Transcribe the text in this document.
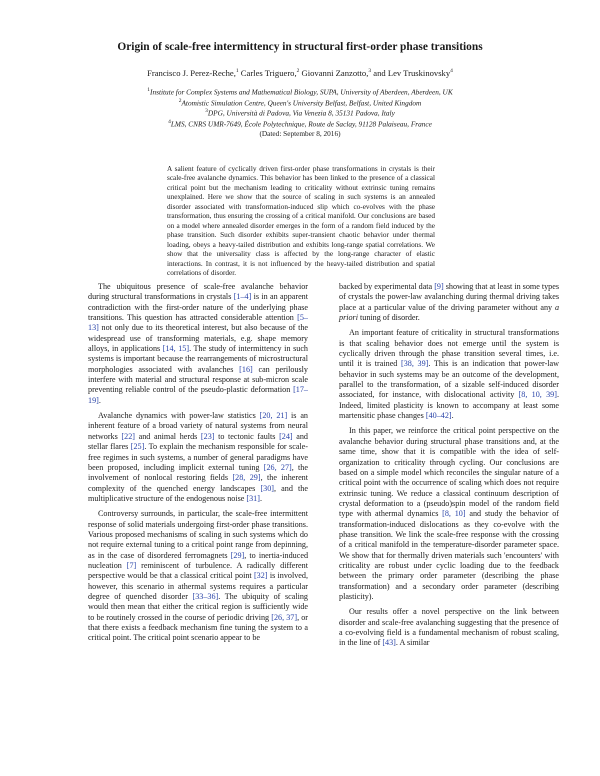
Origin of scale-free intermittency in structural first-order phase transitions
Francisco J. Perez-Reche,$^1$ Carles Triguero,$^2$ Giovanni Zanzotto,$^3$ and Lev Truskinovsky$^4$
$^1$Institute for Complex Systems and Mathematical Biology, SUPA, University of Aberdeen, Aberdeen, UK
$^2$Atomistic Simulation Centre, Queen's University Belfast, Belfast, United Kingdom
$^3$DPG, Università di Padova, Via Venezia 8, 35131 Padova, Italy
$^4$LMS, CNRS UMR-7649, École Polytechnique, Route de Saclay, 91128 Palaiseau, France
(Dated: September 8, 2016)
A salient feature of cyclically driven first-order phase transformations in crystals is their scale-free avalanche dynamics. This behavior has been linked to the presence of a classical critical point but the mechanism leading to criticality without extrinsic tuning remains unexplained. Here we show that the source of scaling in such systems is an annealed disorder associated with transformation-induced slip which co-evolves with the phase transformation, thus ensuring the crossing of a critical manifold. Our conclusions are based on a model where annealed disorder emerges in the form of a random field induced by the phase transition. Such disorder exhibits super-transient chaotic behavior under thermal loading, obeys a heavy-tailed distribution and exhibits long-range spatial correlations. We show that the universality class is affected by the long-range character of elastic interactions. In contrast, it is not influenced by the heavy-tailed distribution and spatial correlations of disorder.

The ubiquitous presence of scale-free avalanche behavior during structural transformations in crystals [1–4] is in an apparent contradiction with the first-order nature of the underlying phase transitions. This question has attracted considerable attention [5–13] not only due to its theoretical interest, but also because of the widespread use of transforming materials, e.g. shape memory alloys, in applications [14, 15]. The study of intermittency in such systems is important because the rearrangements of microstructural morphologies associated with avalanches [16] can perilously interfere with material and structural response at sub-micron scale preventing reliable control of the pseudo-plastic deformation [17–19].

Avalanche dynamics with power-law statistics [20, 21] is an inherent feature of a broad variety of natural systems from neural networks [22] and animal herds [23] to tectonic faults [24] and stellar flares [25]. To explain the mechanism responsible for scale-free regimes in such systems, a number of general paradigms have been proposed, including implicit external tuning [26, 27], the involvement of nonlocal restoring fields [28, 29], the inherent complexity of the quenched energy landscapes [30], and the multiplicative structure of the endogenous noise [31].

Controversy surrounds, in particular, the scale-free intermittent response of solid materials undergoing first-order phase transitions. Various proposed mechanisms of scaling in such systems which do not require external tuning to a critical point range from depinning, as in the case of disordered ferromagnets [29], to inertia-induced nucleation [7] reminiscent of turbulence. A radically different perspective would be that a classical critical point [32] is involved, however, this scenario in athermal systems requires a particular degree of quenched disorder [33–36]. The ubiquity of scaling would then mean that either the critical region is sufficiently wide to be routinely crossed in the course of periodic driving [26, 37], or that there exists a feedback mechanism fine tuning the system to a critical point. The critical point scenario appear to be

backed by experimental data [9] showing that at least in some types of crystals the power-law avalanching during thermal driving takes place at a particular value of the driving parameter without any a priori tuning of disorder.

An important feature of criticality in structural transformations is that scaling behavior does not emerge until the system is cyclically driven through the phase transition several times, i.e. until it is trained [38, 39]. This is an indication that power-law behavior in such systems may be an outcome of the development, parallel to the transformation, of a sizable self-induced disorder associated, for instance, with dislocational activity [8, 10, 39]. Indeed, limited plasticity is known to accompany at least some martensitic phase changes [40–42].

In this paper, we reinforce the critical point perspective on the avalanche behavior during structural phase transitions and, at the same time, show that it is compatible with the idea of self-organization to criticality through cycling. Our conclusions are based on a simple model which reconciles the singular nature of a critical point with the occurrence of scaling which does not require extrinsic tuning. We reduce a classical continuum description of crystal deformation to a (pseudo)spin model of the random field type with athermal dynamics [8, 10] and study the behavior of transformation-induced dislocations as they co-evolve with the phase transition. We link the scale-free response with the crossing of a critical manifold in the temperature-disorder parameter space. We show that for thermally driven materials such 'encounters' with criticality are robust under cyclic loading due to the feedback between the primary order parameter (describing the phase transformation) and a secondary order parameter (describing plasticity).

Our results offer a novel perspective on the link between disorder and scale-free avalanching suggesting that the presence of a co-evolving field is a fundamental mechanism of robust scaling, in the line of [43]. A similar
